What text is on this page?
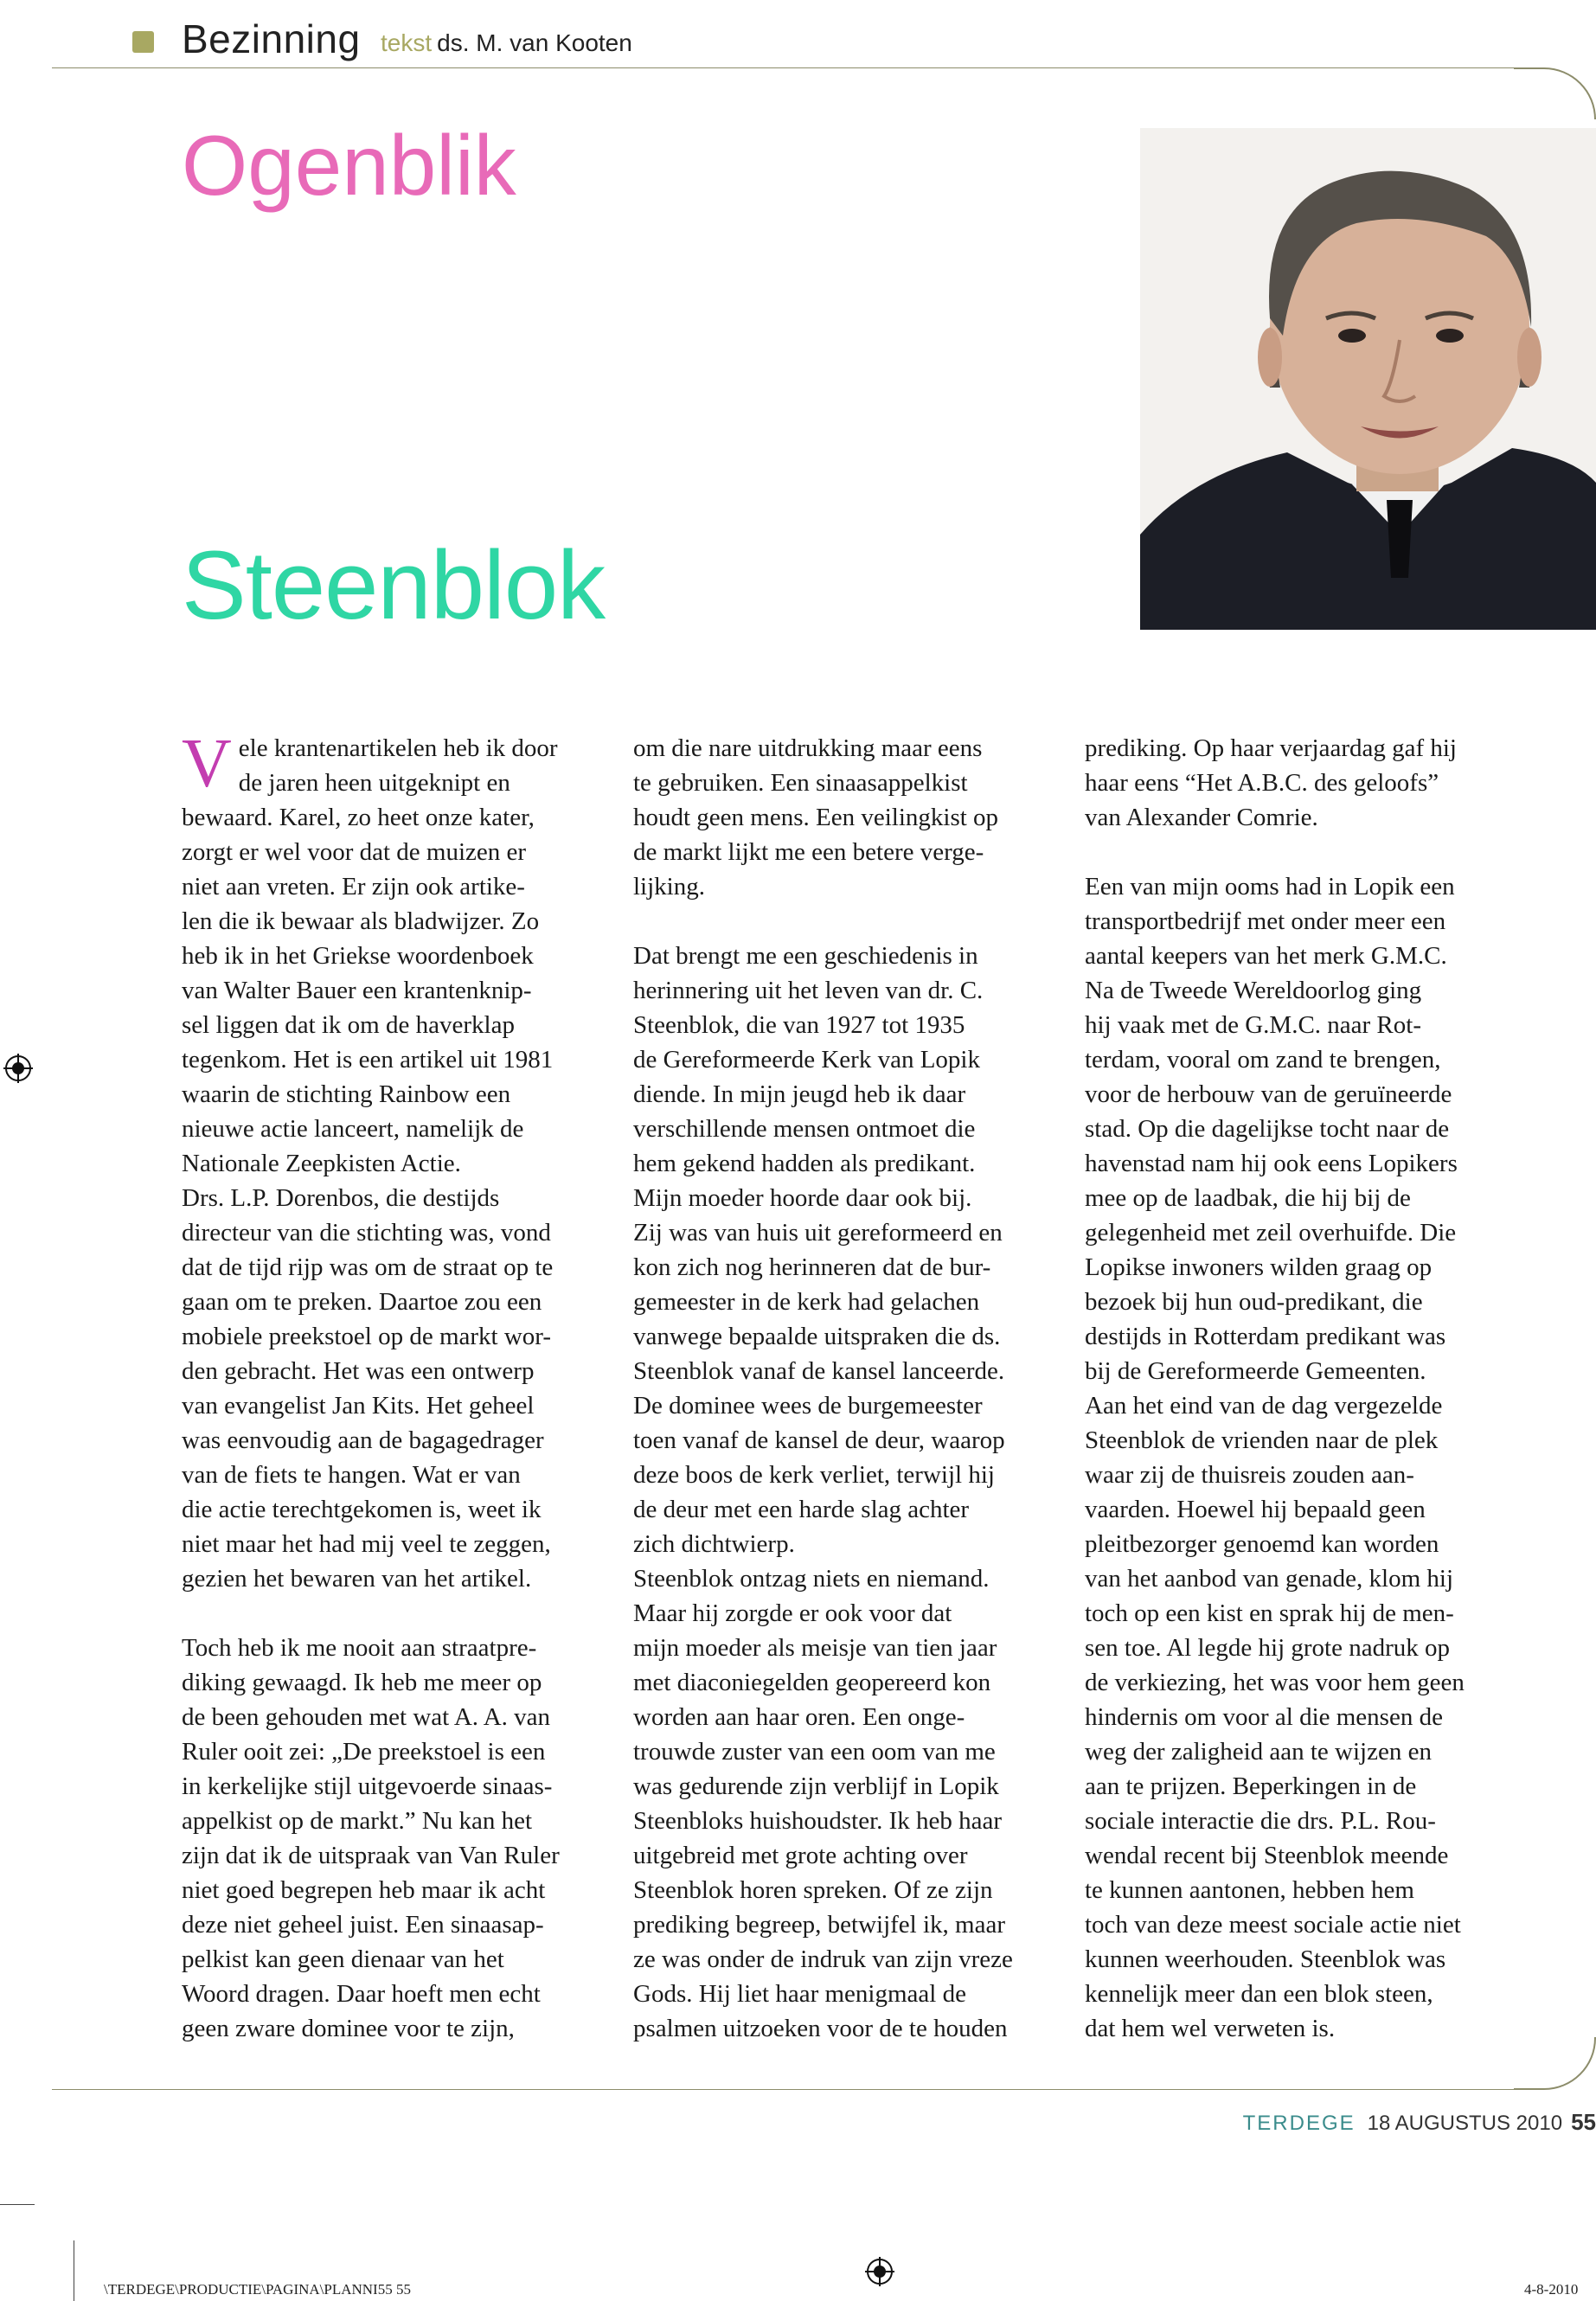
Bezinning tekst ds. M. van Kooten
Ogenblik
Steenblok
V ele krantenartikelen heb ik door
de jaren heen uitgeknipt en
bewaard. Karel, zo heet onze kater,
zorgt er wel voor dat de muizen er
niet aan vreten. Er zijn ook artike-
len die ik bewaar als bladwijzer. Zo
heb ik in het Griekse woordenboek
van Walter Bauer een krantenknip-
sel liggen dat ik om de haverklap
tegenkom. Het is een artikel uit 1981
waarin de stichting Rainbow een
nieuwe actie lanceert, namelijk de
Nationale Zeepkisten Actie.
Drs. L.P. Dorenbos, die destijds
directeur van die stichting was, vond
dat de tijd rijp was om de straat op te
gaan om te preken. Daartoe zou een
mobiele preekstoel op de markt wor-
den gebracht. Het was een ontwerp
van evangelist Jan Kits. Het geheel
was eenvoudig aan de bagagedrager
van de fiets te hangen. Wat er van
die actie terechtgekomen is, weet ik
niet maar het had mij veel te zeggen,
gezien het bewaren van het artikel.
Toch heb ik me nooit aan straatpre-
diking gewaagd. Ik heb me meer op
de been gehouden met wat A. A. van
Ruler ooit zei: „De preekstoel is een
in kerkelijke stijl uitgevoerde sinaas-
appelkist op de markt.” Nu kan het
zijn dat ik de uitspraak van Van Ruler
niet goed begrepen heb maar ik acht
deze niet geheel juist. Een sinaasap-
pelkist kan geen dienaar van het
Woord dragen. Daar hoeft men echt
geen zware dominee voor te zijn,
om die nare uitdrukking maar eens
te gebruiken. Een sinaasappelkist
houdt geen mens. Een veilingkist op
de markt lijkt me een betere verge-
lijking.
Dat brengt me een geschiedenis in
herinnering uit het leven van dr. C.
Steenblok, die van 1927 tot 1935
de Gereformeerde Kerk van Lopik
diende. In mijn jeugd heb ik daar
verschillende mensen ontmoet die
hem gekend hadden als predikant.
Mijn moeder hoorde daar ook bij.
Zij was van huis uit gereformeerd en
kon zich nog herinneren dat de bur-
gemeester in de kerk had gelachen
vanwege bepaalde uitspraken die ds.
Steenblok vanaf de kansel lanceerde.
De dominee wees de burgemeester
toen vanaf de kansel de deur, waarop
deze boos de kerk verliet, terwijl hij
de deur met een harde slag achter
zich dichtwierp.
Steenblok ontzag niets en niemand.
Maar hij zorgde er ook voor dat
mijn moeder als meisje van tien jaar
met diaconiegelden geopereerd kon
worden aan haar oren. Een onge-
trouwde zuster van een oom van me
was gedurende zijn verblijf in Lopik
Steenbloks huishoudster. Ik heb haar
uitgebreid met grote achting over
Steenblok horen spreken. Of ze zijn
prediking begreep, betwijfel ik, maar
ze was onder de indruk van zijn vreze
Gods. Hij liet haar menigmaal de
psalmen uitzoeken voor de te houden
prediking. Op haar verjaardag gaf hij
haar eens “Het A.B.C. des geloofs”
van Alexander Comrie.
Een van mijn ooms had in Lopik een
transportbedrijf met onder meer een
aantal keepers van het merk G.M.C.
Na de Tweede Wereldoorlog ging
hij vaak met de G.M.C. naar Rot-
terdam, vooral om zand te brengen,
voor de herbouw van de geruïneerde
stad. Op die dagelijkse tocht naar de
havenstad nam hij ook eens Lopikers
mee op de laadbak, die hij bij de
gelegenheid met zeil overhuifde. Die
Lopikse inwoners wilden graag op
bezoek bij hun oud-predikant, die
destijds in Rotterdam predikant was
bij de Gereformeerde Gemeenten.
Aan het eind van de dag vergezelde
Steenblok de vrienden naar de plek
waar zij de thuisreis zouden aan-
vaarden. Hoewel hij bepaald geen
pleitbezorger genoemd kan worden
van het aanbod van genade, klom hij
toch op een kist en sprak hij de men-
sen toe. Al legde hij grote nadruk op
de verkiezing, het was voor hem geen
hindernis om voor al die mensen de
weg der zaligheid aan te wijzen en
aan te prijzen. Beperkingen in de
sociale interactie die drs. P.L. Rou-
wendal recent bij Steenblok meende
te kunnen aantonen, hebben hem
toch van deze meest sociale actie niet
kunnen weerhouden. Steenblok was
kennelijk meer dan een blok steen,
dat hem wel verweten is.
TERDEGE 18 AUGUSTUS 2010 55
\TERDEGE\PRODUCTIE\PAGINA\PLANNI55 55	4-8-2010
